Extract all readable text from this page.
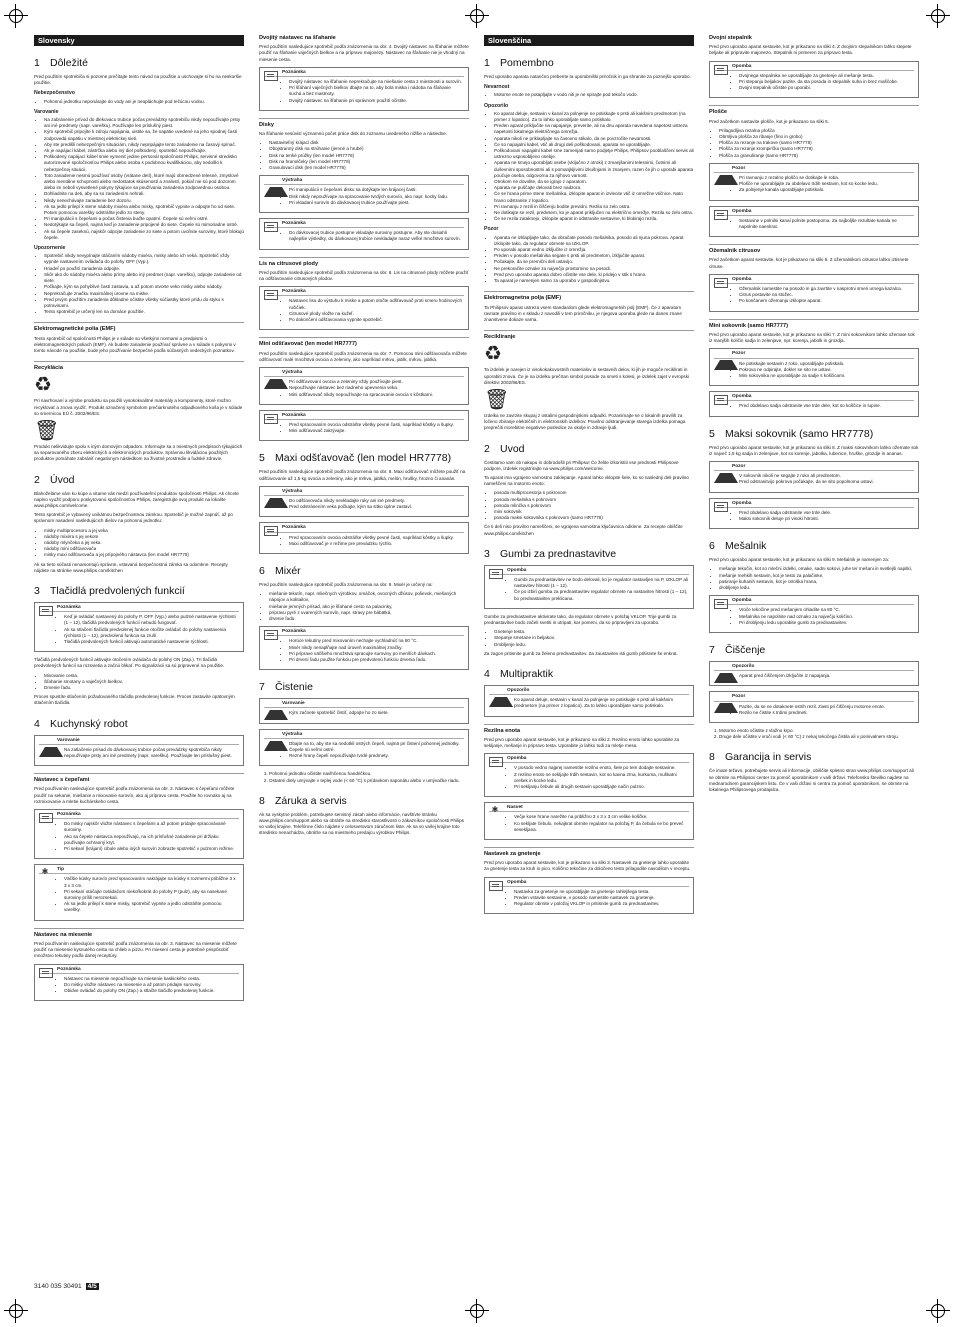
Slovensky
1 Dôležité

Pred použitím spotrebiča si pozorne prečítajte tento návod na použitie a uschovajte si ho na neskoršie použitie.

Nebezpečenstvo
• Pohonnú jednotku neponárajte do vody ani je neopláchujte pod tečúcou vodou.
Varovanie
• Na zabránenie prívod do dlekovaco trubice počas prevádzky spotrebiču nikdy nepoužívajte prsty ani iné predmety (napr. varešku). Používajte len príslušný piest.
• Kým spotrebič pripojíte k zdroju napájania, uistite sa, že napätie uvedené na jeho spodnej časti zodpovedá napätiu v miestnej elektrickej sieti.
• Aby ste predišli nebezpečným situáciám, nikdy nepripájajte tento zariadenie na časový spínač.
• Ak je napájací kábel, zástrčka alebo iný diel poškodený, spotrebič nepoužívajte.
• Poškodený napájací kábel smie vymeniť jedine personál spoločnosti Philips, servisné stredisko autorizované spoločnosťou Philips alebo osoba s podobnou kvalifikáciou, aby nedošlo k nebezpečnej situácii.
• Toto zariadenie nesmú používať osoby (vrátane detí), ktoré majú obmedzené telesné, zmyslové alebo mentálne schopnosti alebo nedostatok skúseností a znalostí, pokiaľ nie sú pod dozorom alebo im neboli vysvetlené pokyny týkajúce sa používania zariadenia zodpovednou osobou.
• Dohliadnite na deti, aby sa so zariadením nehrali.
• Nikdy nenechávajte zariadenie bez dozoru.
• Ak sa jedlo prilepí k stene nádoby mixéra alebo misky, spotrebič vypnite a odpojte ho od siete. Potom pomocou varešky odstráňte jedlo zo steny.
• Pri manipulácii s čepeľami a počas čistenia buďte opatrní. Čepele sú veľmi ostré.
• Nedotýkajte sa čepelí, najmä keď je zariadenie pripojené do siete. Čepele sú mimoriadne ostré.
• Ak sa čepele zaseknú, najskôr odpojte zariadenie zo siete a potom uvoľnite suroviny, ktoré blokujú čepele.
Upozornenie
• Spotrebič nikdy nevypínajte otáčaním nádoby mixéra, misky alebo ich veká. Spotrebič vždy vypnite nastavením ovládača do polohy OFF (Vyp.).
• Hriadeľ po použití zariadenia odpojte.
• Skôr ako do nádoby mixéra alebo prímy alebo iný predmet (napr. varešku), odpojte zariadenie od siete.
• Počkajte, kým sa pohyblivé časti zastavia, a až potom otvorte veko misky alebo nádoby.
• Neprekračujte značku maximálnej úrovne na miske.
• Pred prvým použitím zariadenia dôkladne očistite všetky súčiastky ktoré prídu do styku s potravinami.
• Tento spotrebič je určený len na domáce použitie.
Elektromagnetické polia (EMF)

Tento spotrebič od spoločnosti Philips je v súlade so všetkými normami a predpismi o elektromagnetických poliach (EMF). Ak budete zariadenie používať správne a v súlade s pokynmi v tomto návode na použitie, bude jeho používanie bezpečné podľa súčasných vedeckých poznatkov.

Recyklácia
♻

Pri navrhovaní a výrobe produktu sa použili vysokokvalitné materiály a komponenty, ktoré možno recyklovať a znova využiť. Produkt označený symbolom prečiarknutého odpadkového koša je v súlade so smernicou EÚ č. 2002/96/ES.

🗑

Produkt nelikvidujte spolu s iným domovým odpadom. Informujte sa o miestnych predpisoch týkajúcich sa separovaného zberu elektrických a elektronických produktov. Správnou likvidáciou použitých produktov pomáhate zabrániť negatívnym následkom na životné prostredie a ľudské zdravie.

2 Úvod

Blahoželáme vám ku kúpe a vitame vás medzi používateľmi produktov spoločnosti Philips. Ak chcete naplno využiť podporu poskytovanú spoločnosťou Philips, zaregistrujte svoj produkt na lokalite www.philips.com/welcome.

Tento spotrebič je vybavený unikátnou bezpečnostnou zámkou. Spotrebič je možné zapnúť, až po správnom nasadení nasledujúcich dielov na pohonnú jednotku:

• misky multiprocesoru a jej veka
• nádoby mixéra s jej vekom
• nádoby mlynčeka a jej veka
• nádoby mini odšťavovača
• misky maxi odšťavovača a jej prípojného nástavca (len model HR7778)

Ak sa tieto súčasti nenamontujú správne, vstavaná bezpečnostná zámka sa odomkne. Recepty nájdete na stránke www.philips.com/kitchen

3 Tlačidlá predvolených funkcií
Poznámka
• Keď je ovládač nastavený do polohy P, OFF (Vyp.) alebo pulzné nastavenie rýchlosti (1 – 12), tlačidlá predvolených funkcií nebudú fungovať.
• Ak sa stlačení tlačidla predvolenej funkcie otočíte ovládač do polohy nastavenia rýchlosti (1 – 12), predvolená funkcia sa zruší.
• Tlačidlá predvolených funkcií aktivujú automatické nastavenie rýchlosti.

Tlačidlá predvolených funkcií aktivujte otočením ovládača do polohy ON (Zap.). Tri tlačidlá predvolených funkcií sa rozsvietia a začnú blikať. Po signalizácii sa sú pripravené na použitie.

• Mixovanie cesta.
• Šľahanie smotany a vaječných bielkov.
• Drvenie ľadu.

Proces spustíte stlačením požadovaného tlačidla predvolenej funkcie. Proces zastavíte opätovným stlačením tlačidla.

4 Kuchynský robot
Varovanie
• Na zatlačenie prísad do dávkovacej trubice počas prevádzky spotrebiča nikdy nepoužívajte prsty ani iné predmety (napr. varešku). Používajte len príslušný piest.
Nástavec s čepeľami

Pred používaním nasledujúce spotrebič podľa znázornenia na obr. 2. Nástavec s čepeľami môžete použiť na sekanie, miešanie a mixovanie surovín, ako aj prípravu cesta. Použite ho rovnako aj na rozmixovanie a mletie kuchárskeho cesta.

Poznámka
• Do misky najskôr vložte nástavec s čepeľami a až potom pridajte spracovávané suroviny.
• Ako sa čepele nástavca nepoužívajú, na ich prísľušné zariadenie pri držiaku používajte ochranný kryt.
• Pri sekaní (krájaní) cibule alebo iných surovín zobrazte spotrebič v pulznom režime.
✱	Tip
• Väčšie kúsky surovín pred spracovaním nakrájajte na kúsky s rozmermi približne 3 x 3 x 3 cm.
• Pri sekaní otáčajte ovládačom niekoľkokrát do polohy P (pulz), aby sa nasekané suroviny príliš nerozsekali.
• Ak sa jedlo prilepí k stene misky, spotrebič vypnite a jedlo odstráňte pomocou varešky.
Nástavec na miesenie

Pred používaním nasledujúce spotrebič podľa znázornenia na obr. 3. Nástavec na miesenie môžete použiť na miesenie kysnutého cesta na chlieb a pizzu. Pri miesení cesta je potrebné prispôsobiť množstvo tekutiny podľa danej receptúry.

Poznámka
• Nástavec na miesenie nepoužívajte na miesenie kaskického cesta.
• Do misky vložte nástavec na miesenie a až potom pridajte suroviny.
• Obidve ovládač do polohy ON (Zap.) a stlačte tlačidlo predvolenej funkcie.
Dvojitý nástavec na šľahanie

Pred použitím nasledujúce spotrebič podľa znázornenia na obr. 4. Dvojitý nástavec na šľahanie môžete použiť na šľahanie vaječných bielkov a na prípravu majonézy. Nástavec na šľahanie nie je vhodný na miesenie cesta.

Poznámka
• Dvojitý nástavec na šľahanie neprekračujte na miešanie cesta z miestnosti a surovín.
• Pri šľahaní vaječných bielkov dbajte na to, aby bola miska i nádoba na šľahanie suchá a bez mastnoty.
• Dvojitý nástavec na šľahanie pri správnom použití očistite.
Disky

Na šľahanie nesúvisí významnú počet práce disk do zoznamu uvedeného nižšie a následne.

• Nastaviteľný krájací disk
• Obojstranný disk na strúhanie (jemné a hrubé)
• Disk na tenké prúžky (len model HR7778)
• Disk na hranolčeky (len model HR7778)
• Granulovací disk (len model HR7778)
Výstraha
• Pri manipulácii s čepeľami disku sa dotýkajte len krájacej časti.
• Disk nikdy nepoužívajte na spracovanie tvrdých surovín, ako napr. kocky ľadu.
• Pri vkladaní surovín do dávkovacej trubice používajte piest.
Poznámka
• Do dávkovacej trubice postupne vkladajte suroviny postupne. Aby ste dosiahli najlepšie výsledky, do dávkovacej trubice nevkladajte naraz veľké množstvo surovín.
Lis na citrusové plody

Pred použitím nasledujúce spotrebič podľa znázornenia na obr. 6. Lis na citrusové plody môžete použiť na odšťavovanie citrusových plodov.

Poznámka
• Nástavec lisu do výstuhu k miske a potom otočte odšťavovač proti smeru hodinových ručičiek.
• Citrusové plody vložte na kužeľ.
• Po dokončení odšťavovania vypnite spotrebič.
Mini odšťavovač (len model HR7777)

Pred použitím nasledujúce spotrebič podľa znázornenia na obr. 7. Pomocou mini odšťavovača môžete odšťavovať malé množstvá ovocia a zeleniny, ako napríklad mrkvu, jablk, mrkvu, jablká.

Výstraha
• Pri odšťavovaní ovocia a zeleniny vždy používajte piest.
• Nepoužívajte nástavec bez riadneho upevnenia veka.
• Mini odšťavovač nikdy nepoužívajte na spracovanie ovocia s kôstkami.
Poznámka
• Pred spracovaním ovocia odstráňte všetky pevné časti, napríklad kôstky a šupky.
• Mini odšťavovač zakrývajte.
5 Maxi odšťavovač (len model HR7778)

Pred použitím nasledujúce spotrebič podľa znázornenia na obr. 8. Maxi odšťavovač môžete použiť na odšťavovanie až 1,5 kg ovocia a zeleniny, ako je mrkva, jablká, melón, hrušky, hrozno či ananás.

Výstraha
• Do odšťavovača nikdy nevkladajte ruky ani iné predmety.
• Pred odstránením veka počkajte, kým sa sitko úplne zastaví.
Poznámka
• Pred spracovaním ovocia odstráňte všetky pevné časti, napríklad kôstky a šupky.
• Maxi odšťavovač je v režime pre prevádzku rýchlo.
6 Mixér

Pred použitím nasledujúce spotrebič podľa znázornenia na obr. 9. Mixér je určený na:

• miešanie tekutín, napr. mliečnych výrobkov, omáčok, ovocných džúsov, polievok, miešaných nápojov a koktailov,
• miešanie jemných prísad, ako je šľahané cesto na palacinky,
• prípravu pyré z uvarených surovín, napr. stravy pre bábätká,
• drvenie ľadu.
Poznámka
• Horúce tekutiny pred mixovaním nechajte vychladnúť na 80 °C.
• Mixér nikdy nenapĺňajte nad úroveň maximálnej značky.
• Pri príprave väčšieho množstva spracujte suroviny po menších dávkach.
• Pri drvení ľadu použite funkciu pre predvolenú funkciu drvenia ľadu.
7 Čistenie
Varovanie
• Kým začnete spotrebič čistiť, odpojte ho zo siete.
Výstraha
• Dbajte na to, aby ste sa nedotkli ostrých čepelí, najmä pri čistení pohonnej jednotky. Čepele sú veľmi ostré.
• Rezné hrany čepelí nepoužívajte tvrdé predmety.
1. Pohonnú jednotku očistite navlhčenou handričkou.
2. Ostatné diely umývajte v teplej vode (< 60 °C) s prídavkom saponátu alebo v umývačke riadu.
8 Záruka a servis

Ak sa vyskytne problém, potrebujete servisný zásah alebo informácie, navštívte stránku www.philips.com/support alebo sa obráťte na stredisko starostlivosti o zákazníkov spoločnosti Philips vo vašej krajine. Telefónne číslo nájdete v celosvetovom záručnom liste. Ak sa vo vašej krajine toto stredisko nenachádza, obráťte sa na miestneho predajcu výrobkov Philips.

Slovenščina
1 Pomembno

Pred uporabo aparata natančno preberite ta uporabniški priročnik in ga shranite za poznejšo uporabo.

Nevarnost
• Motorne enote ne potapljajte v vodo niti je ne spirajte pod tekočo vodo.
Opozorilo
• Ko aparat deluje, sestavin v kanal za polnjenje ne potiskajte s prsti ali kakšnim predmetom (na primer z lopatico). Za to lahko uporabljate samo potiskalo.
• Preden aparat priključite na napajanje, preverite, ali na dnu aparata navedena napetost ustreza napetosti lokalnega električnega omrežja.
• Aparata nikoli ne priklapljajte na časovno stikalo, da ne povzročite nevarnosti.
• Če so napajalni kabel, vtič ali drugi deli poškodovani, aparata ne uporabljajte.
• Poškodovani napajalni kabel sme zamenjati samo podjetje Philips, Philipsov pooblaščeni servis ali ustrezno usposobljeno osebje.
• Aparata ne smejo uporabljati osebe (vključno z otroki) z zmanjšanimi telesnimi, čutnimi ali duševnimi sposobnostmi ali s pomanjkljivimi izkušnjami in znanjem, razen če jih o uporabi aparata poučuje oseba, odgovorna za njihovo varnost.
• Otrokom ne dovolite, da se igrajo z aparatom.
• Aparata ne puščajte delovati brez nadzora.
• Če se hrana prime stene mešalnika, izklopite aparat in izvlecite vtič iz omrežne vtičnice. Nato hrano odstranite z lopatico.
• Pri ravnanju z rezili in čiščenju bodite previdni. Rezila so zelo ostra.
• Ne dotikajte se rezil, predvsem, ko je aparat priključen na električno omrežje. Rezila so zelo ostra.
• Če se rezila zataknejo, izklopite aparat in odstranite sestavine, ki blokirajo rezila.
Pozor
• Aparata ne izklapljajte tako, da obračate posodo mešalnika, posodo ali njuna pokrova. Aparat izklopite tako, da regulator obrnete na IZKLOP.
• Po uporabi aparat vedno izključite iz omrežja.
• Preden v posodo mešalnika segate s prsti ali predmetom, izključite aparat.
• Počakajte, da se premični deli ustavijo.
• Ne prekoračite oznake za največjo prostornino na posodi.
• Pred prvo uporabo aparata dobro očistite vse dele, ki pridejo v stik s hrano.
• Ta aparat je namenjen samo za uporabo v gospodinjstvu.
Elektromagnetna polja (EMF)

Ta Philipsov aparat ustreza vsem standardom glede elektromagnetnih polj (EMF). Če z aparatom ravnate pravilno in v skladu z navodili v tem priročniku, je njegova uporaba glede na danes znane znanstvene dokaze varna.

Recikliranje
♻

Ta izdelek je narejen iz visokokakovostnih materialov in sestavnih delov, ki jih je mogoče reciklirati in uporabiti znova. Če je na izdelku prečrtan simbol posode za smeti s kolesi, je izdelek zajet v evropski direktivi 2002/96/ES.

🗑

Izdelka ne zavrzite skupaj z ostalimi gospodinjskimi odpadki. Pozanimajte se o lokalnih pravilih za ločeno zbiranje električnih in elektronskih izdelkov. Pravilno odstranjevanje starega izdelka pomaga preprečiti morebitne negativne posledice za okolje in zdravje ljudi.

2 Uvod

Čestitamo vam ob nakupu in dobrodošli pri Philipsu! Če želite izkoristiti vse prednosti Philipsove podpore, izdelek registrirajte na www.philips.com/welcome.

Ta aparat ima vgrajeno varnostno zaklepanje. Aparat lahko vklopite šele, ko so naslednji deli pravilno nameščeni na motorno enoto:

• posoda multiprocesorja s pokrovom
• posoda mešalnika s pokrovom
• posoda mlinčka s pokrovom
• mini sokovnik
• posoda maksi sokovnika s pokrovom (samo HR7778)

Če ti deli niso pravilno nameščeni, se vgrajena varnostna ključavnica odklene. Za recepte obiščite www.philips.com/kitchen

3 Gumbi za prednastavitve
Opomba
• Gumbi za prednastavitev ne bodo delovali, ko je regulator nastavljen na P, IZKLOP ali nastavitev hitrosti (1 – 12).
• Če po izbiri gumba za prednastavitev regulator obrnete na nastavitev hitrosti (1 – 12), bo prednastavitev preklicana.

Gumbe za prednastavitve aktivirate tako, da regulator obrnete v položaj VKLOP. Trije gumbi za prednastavitve bodo začeli svetiti in utripati, kar pomeni, da so pripravljeni za uporabo.

• Gnetenje testa.
• Stepanje smetane in beljakov.
• Drobljenje ledu.

Za zagon pritisnite gumb za želeno prednastavitev. Za zaustavitev isti gumb pritisnite še enkrat.

4 Multipraktik
Opozorilo
• Ko aparat deluje, sestavin v kanal za polnjenje ne potiskajte s prsti ali kakšnim predmetom (na primer z lopatico). Za to lahko uporabljate samo potiskalo.
Rezilna enota

Pred prvo uporabo aparat sestavite, kot je prikazano na sliki 2. Rezilno enoto lahko uporabite za sekljanje, mešanje in pripravo testa. Uporabite jo lahko tudi za mletje mesa.

Opomba
• V posodo vedno najprej namestite rezilno enoto, šele po tem dodajte sestavine.
• Z rezilno enoto ne sekljajte trdih sestavin, kot so kavna zrna, kurkuma, muškatni orešek in kocke ledu.
• Pri sekljanju čebule ali drugih sestavin uporabljajte način pulzno.
✱	Nasvet
• Večje kose hrane narežite na približno 3 x 3 x 3 cm velike koščke.
• Ko sekljate čebulo, nekajkrat obrnite regulator na položaj P, da čebula ne bo preveč sesekljana.
Nastavek za gnetenje

Pred prvo uporabo aparat sestavite, kot je prikazano na sliki 3. Nastavek za gnetenje lahko uporabite za gnetenje testa za kruh in pico. Količino tekočine za določeno testo prilagodite navodilom v receptu.

Opomba
• Nastavka za gnetenje ne uporabljajte za gnetenje rahlejšega testa.
• Preden vstavite sestavine, v posodo namestite nastavek za gnetenje.
• Regulator obrnite v položaj VKLOP in pritisnite gumb za prednastavitev.
Dvojni stepalnik

Pred prvo uporabo aparat sestavite, kot je prikazano na sliki 4. Z dvojnim stepalnikom lahko stepete beljake ali pripravite majonezo. Stepalnik ni primeren za pripravo testa.

Opomba
• Dvojnega stepalnika ne uporabljajte za gnetenje ali mešanje testa.
• Pri stepanju beljakov pazite, da sta posoda in stepalnik suha in brez maščobe.
• Dvojni stepalnik očistite po uporabi.
Plošče

Pred začetkom nastavite plošče, kot je prikazano na sliki 5.

• Prilagodljiva rezalna plošča
• Obrnljiva plošča za ribanje (fino in grobo)
• Plošča za rezanje na trakove (samo HR7778)
• Plošča za rezanje krompirčka (samo HR7778)
• Plošča za granuliranje (samo HR7778)
Pozor
• Pri ravnanju z rezalno ploščo se dotikajte le roba.
• Plošče ne uporabljajte za obdelavo trdih sestavin, kot so kocke ledu.
• Za polnjenje kanala uporabljajte potiskalo.
Opomba
• Sestavine v polnilni kanal polnite postopoma. Za najboljše rezultate kanala ne napolnite naenkrat.
Ožemalnik citrusov

Pred začetkom aparat sestavite, kot je prikazano na sliki 6. Z ožemalnikom citrusov lahko iztisnete citruse.

Opomba
• Ožemalnik namestite na posodo in ga zavrtite v nasprotni smeri urnega kazalca.
• Citrus postavite na stožec.
• Po končanem ožemanju izklopite aparat.
Mini sokovnik (samo HR7777)

Pred prvo uporabo aparat sestavite, kot je prikazano na sliki 7. Z mini sokovnikom lahko ožemate sok iz manjših količin sadja in zelenjave, npr. korenja, jabolk in grozdja.

Pozor
• Ne potiskajte sestavin z roko, uporabljajte potiskalo.
• Pokrova ne odpirajte, dokler se sito ne ustavi.
• Mini sokovnika ne uporabljajte za sadje s koščicami.
Opomba
• Pred obdelavo sadja odstranite vse trde dele, kot so koščice in lupine.
5 Maksi sokovnik (samo HR7778)

Pred prvo uporabo aparat sestavite, kot je prikazano na sliki 8. Z maksi sokovnikom lahko ožemate sok iz največ 1,5 kg sadja in zelenjave, kot so korenje, jabolka, lubenice, hruške, grozdje in ananas.

Pozor
• V sokovnik nikoli ne segajte z roko ali predmetom.
• Pred odstranitvijo pokrova počakajte, da se sito popolnoma ustavi.
Opomba
• Pred obdelavo sadja odstranite vse trde dele.
• Maksi sokovnik deluje pri visoki hitrosti.
6 Mešalnik

Pred prvo uporabo aparat sestavite, kot je prikazano na sliki 9. Mešalnik je namenjen za:

• mešanje tekočin, kot so mlečni izdelki, omake, sadni sokovi, juhe ter mešani in svetlejši napitki,
• mešanje mehkih sestavin, kot je testo za palačinke,
• pasiranje kuhanih sestavin, kot je otroška hrana,
• drobljenje ledu.
Opomba
• Vroče tekočine pred mešanjem ohladite na 80 °C.
• Mešalnika ne napolnite nad oznako za največjo količino.
• Pri drobljenju ledu uporabite gumb za prednastavitev.
7 Čiščenje
Opozorilo
• Aparat pred čiščenjem izključite iz napajanja.
Pozor
• Pazite, da se ne dotaknete ostrih rezil, zlasti pri čiščenju motorne enote.
• Rezilo ne čistite s trdimi predmeti.
1. Motorno enoto očistite z vlažno krpo.
2. Druge dele očistite v vroči vodi (< 60 °C) z nekaj tekočega čistila ali v pomivalnem stroju.
8 Garancija in servis

Če imate težavo, potrebujete servis ali informacije, obiščite spletno stran www.philips.com/support ali se obrnite na Philipsov center za pomoč uporabnikom v vaši državi. Telefonsko številko najdete na mednarodnem garancijskem listu. Če v vaši državi ni centra za pomoč uporabnikom, se obrnite na lokalnega Philipsovega prodajalca.

3140 035 30491 4/5
